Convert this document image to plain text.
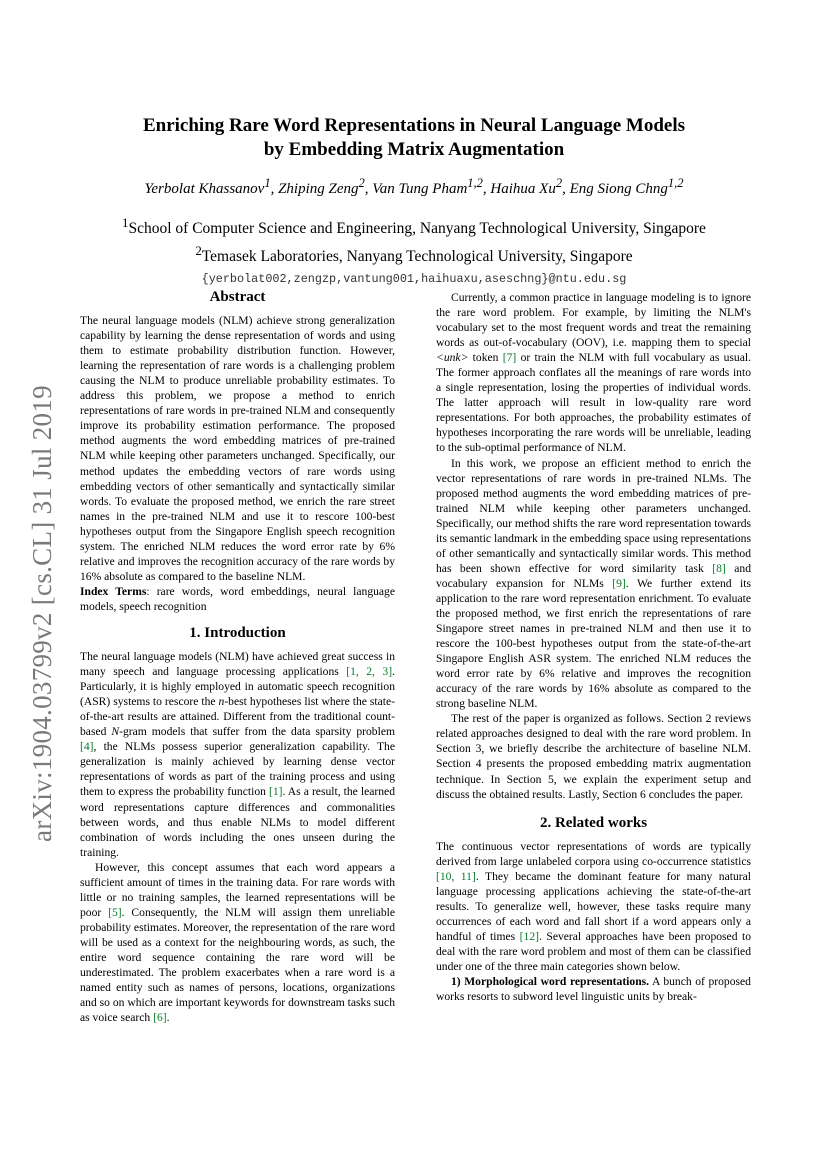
arXiv:1904.03799v2 [cs.CL] 31 Jul 2019
Enriching Rare Word Representations in Neural Language Models
by Embedding Matrix Augmentation
Yerbolat Khassanov$^1$, Zhiping Zeng$^2$, Van Tung Pham$^{1,2}$, Haihua Xu$^2$, Eng Siong Chng$^{1,2}$
$^1$School of Computer Science and Engineering, Nanyang Technological University, Singapore
$^2$Temasek Laboratories, Nanyang Technological University, Singapore
{yerbolat002,zengzp,vantung001,haihuaxu,aseschng}@ntu.edu.sg
Abstract

The neural language models (NLM) achieve strong generalization capability by learning the dense representation of words and using them to estimate probability distribution function. However, learning the representation of rare words is a challenging problem causing the NLM to produce unreliable probability estimates. To address this problem, we propose a method to enrich representations of rare words in pre-trained NLM and consequently improve its probability estimation performance. The proposed method augments the word embedding matrices of pre-trained NLM while keeping other parameters unchanged. Specifically, our method updates the embedding vectors of rare words using embedding vectors of other semantically and syntactically similar words. To evaluate the proposed method, we enrich the rare street names in the pre-trained NLM and use it to rescore 100-best hypotheses output from the Singapore English speech recognition system. The enriched NLM reduces the word error rate by 6% relative and improves the recognition accuracy of the rare words by 16% absolute as compared to the baseline NLM.

Index Terms: rare words, word embeddings, neural language models, speech recognition

1. Introduction

The neural language models (NLM) have achieved great success in many speech and language processing applications [1, 2, 3]. Particularly, it is highly employed in automatic speech recognition (ASR) systems to rescore the n-best hypotheses list where the state-of-the-art results are attained. Different from the traditional count-based N-gram models that suffer from the data sparsity problem [4], the NLMs possess superior generalization capability. The generalization is mainly achieved by learning dense vector representations of words as part of the training process and using them to express the probability function [1]. As a result, the learned word representations capture differences and commonalities between words, and thus enable NLMs to model different combination of words including the ones unseen during the training.

However, this concept assumes that each word appears a sufficient amount of times in the training data. For rare words with little or no training samples, the learned representations will be poor [5]. Consequently, the NLM will assign them unreliable probability estimates. Moreover, the representation of the rare word will be used as a context for the neighbouring words, as such, the entire word sequence containing the rare word will be underestimated. The problem exacerbates when a rare word is a named entity such as names of persons, locations, organizations and so on which are important keywords for downstream tasks such as voice search [6].

Currently, a common practice in language modeling is to ignore the rare word problem. For example, by limiting the NLM's vocabulary set to the most frequent words and treat the remaining words as out-of-vocabulary (OOV), i.e. mapping them to special <unk> token [7] or train the NLM with full vocabulary as usual. The former approach conflates all the meanings of rare words into a single representation, losing the properties of individual words. The latter approach will result in low-quality rare word representations. For both approaches, the probability estimates of hypotheses incorporating the rare words will be unreliable, leading to the sub-optimal performance of NLM.

In this work, we propose an efficient method to enrich the vector representations of rare words in pre-trained NLMs. The proposed method augments the word embedding matrices of pre-trained NLM while keeping other parameters unchanged. Specifically, our method shifts the rare word representation towards its semantic landmark in the embedding space using representations of other semantically and syntactically similar words. This method has been shown effective for word similarity task [8] and vocabulary expansion for NLMs [9]. We further extend its application to the rare word representation enrichment. To evaluate the proposed method, we first enrich the representations of rare Singapore street names in pre-trained NLM and then use it to rescore the 100-best hypotheses output from the state-of-the-art Singapore English ASR system. The enriched NLM reduces the word error rate by 6% relative and improves the recognition accuracy of the rare words by 16% absolute as compared to the strong baseline NLM.

The rest of the paper is organized as follows. Section 2 reviews related approaches designed to deal with the rare word problem. In Section 3, we briefly describe the architecture of baseline NLM. Section 4 presents the proposed embedding matrix augmentation technique. In Section 5, we explain the experiment setup and discuss the obtained results. Lastly, Section 6 concludes the paper.

2. Related works

The continuous vector representations of words are typically derived from large unlabeled corpora using co-occurrence statistics [10, 11]. They became the dominant feature for many natural language processing applications achieving the state-of-the-art results. To generalize well, however, these tasks require many occurrences of each word and fall short if a word appears only a handful of times [12]. Several approaches have been proposed to deal with the rare word problem and most of them can be classified under one of the three main categories shown below.

1) Morphological word representations. A bunch of proposed works resorts to subword level linguistic units by break-
